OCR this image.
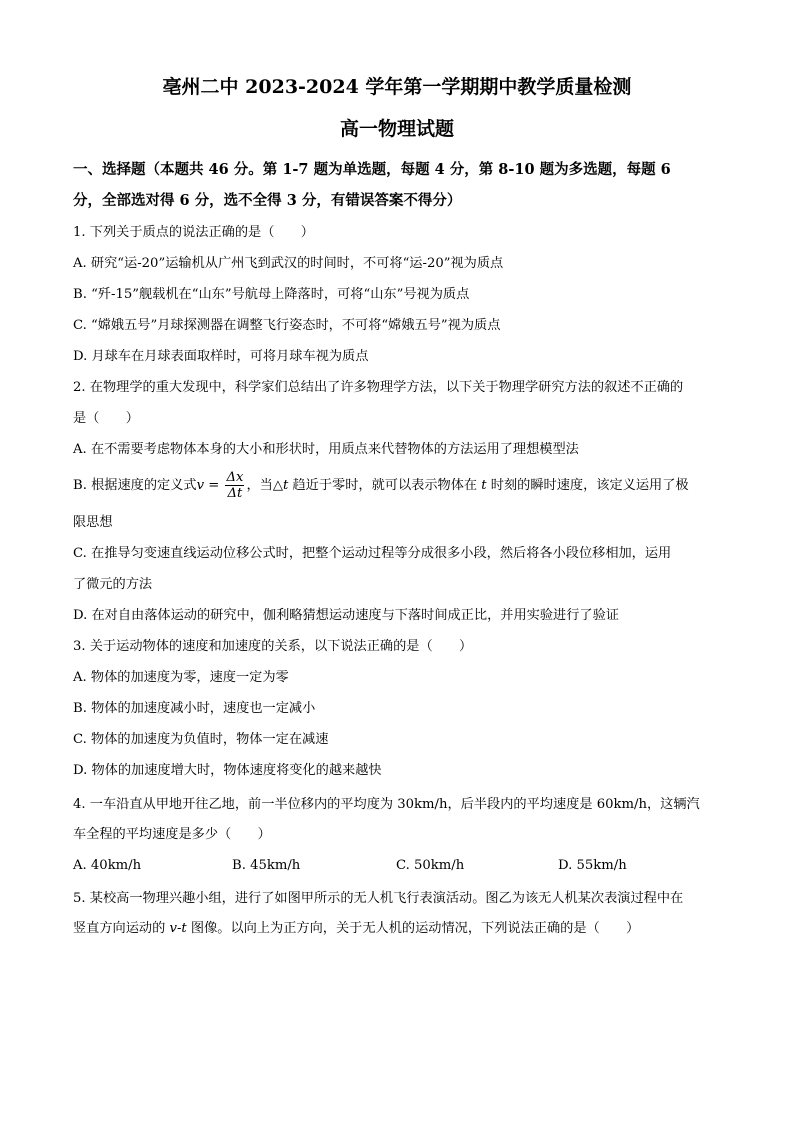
亳州二中 2023-2024 学年第一学期期中教学质量检测
高一物理试题
一、选择题（本题共 46 分。第 1-7 题为单选题，每题 4 分，第 8-10 题为多选题，每题 6
分，全部选对得 6 分，选不全得 3 分，有错误答案不得分）
1. 下列关于质点的说法正确的是（　　）
A. 研究“运-20”运输机从广州飞到武汉的时间时，不可将“运-20”视为质点
B. “歼-15”舰载机在“山东”号航母上降落时，可将“山东”号视为质点
C. “嫦娥五号”月球探测器在调整飞行姿态时，不可将“嫦娥五号”视为质点
D. 月球车在月球表面取样时，可将月球车视为质点
2. 在物理学的重大发现中，科学家们总结出了许多物理学方法，以下关于物理学研究方法的叙述不正确的
是（　　）
A. 在不需要考虑物体本身的大小和形状时，用质点来代替物体的方法运用了理想模型法
B. 根据速度的定义式$v = \frac{\Delta x}{\Delta t}$ ，当△t 趋近于零时，就可以表示物体在 t 时刻的瞬时速度，该定义运用了极
限思想
C. 在推导匀变速直线运动位移公式时，把整个运动过程等分成很多小段，然后将各小段位移相加，运用
了微元的方法
D. 在对自由落体运动的研究中，伽利略猜想运动速度与下落时间成正比，并用实验进行了验证
3. 关于运动物体的速度和加速度的关系，以下说法正确的是（　　）
A. 物体的加速度为零，速度一定为零
B. 物体的加速度减小时，速度也一定减小
C. 物体的加速度为负值时，物体一定在减速
D. 物体的加速度增大时，物体速度将变化的越来越快
4. 一车沿直从甲地开往乙地，前一半位移内的平均度为 30km/h，后半段内的平均速度是 60km/h，这辆汽
车全程的平均速度是多少（　　）
A. 40km/h	B. 45km/h	C. 50km/h	D. 55km/h
5. 某校高一物理兴趣小组，进行了如图甲所示的无人机飞行表演活动。图乙为该无人机某次表演过程中在
竖直方向运动的 v-t 图像。以向上为正方向，关于无人机的运动情况，下列说法正确的是（　　）
